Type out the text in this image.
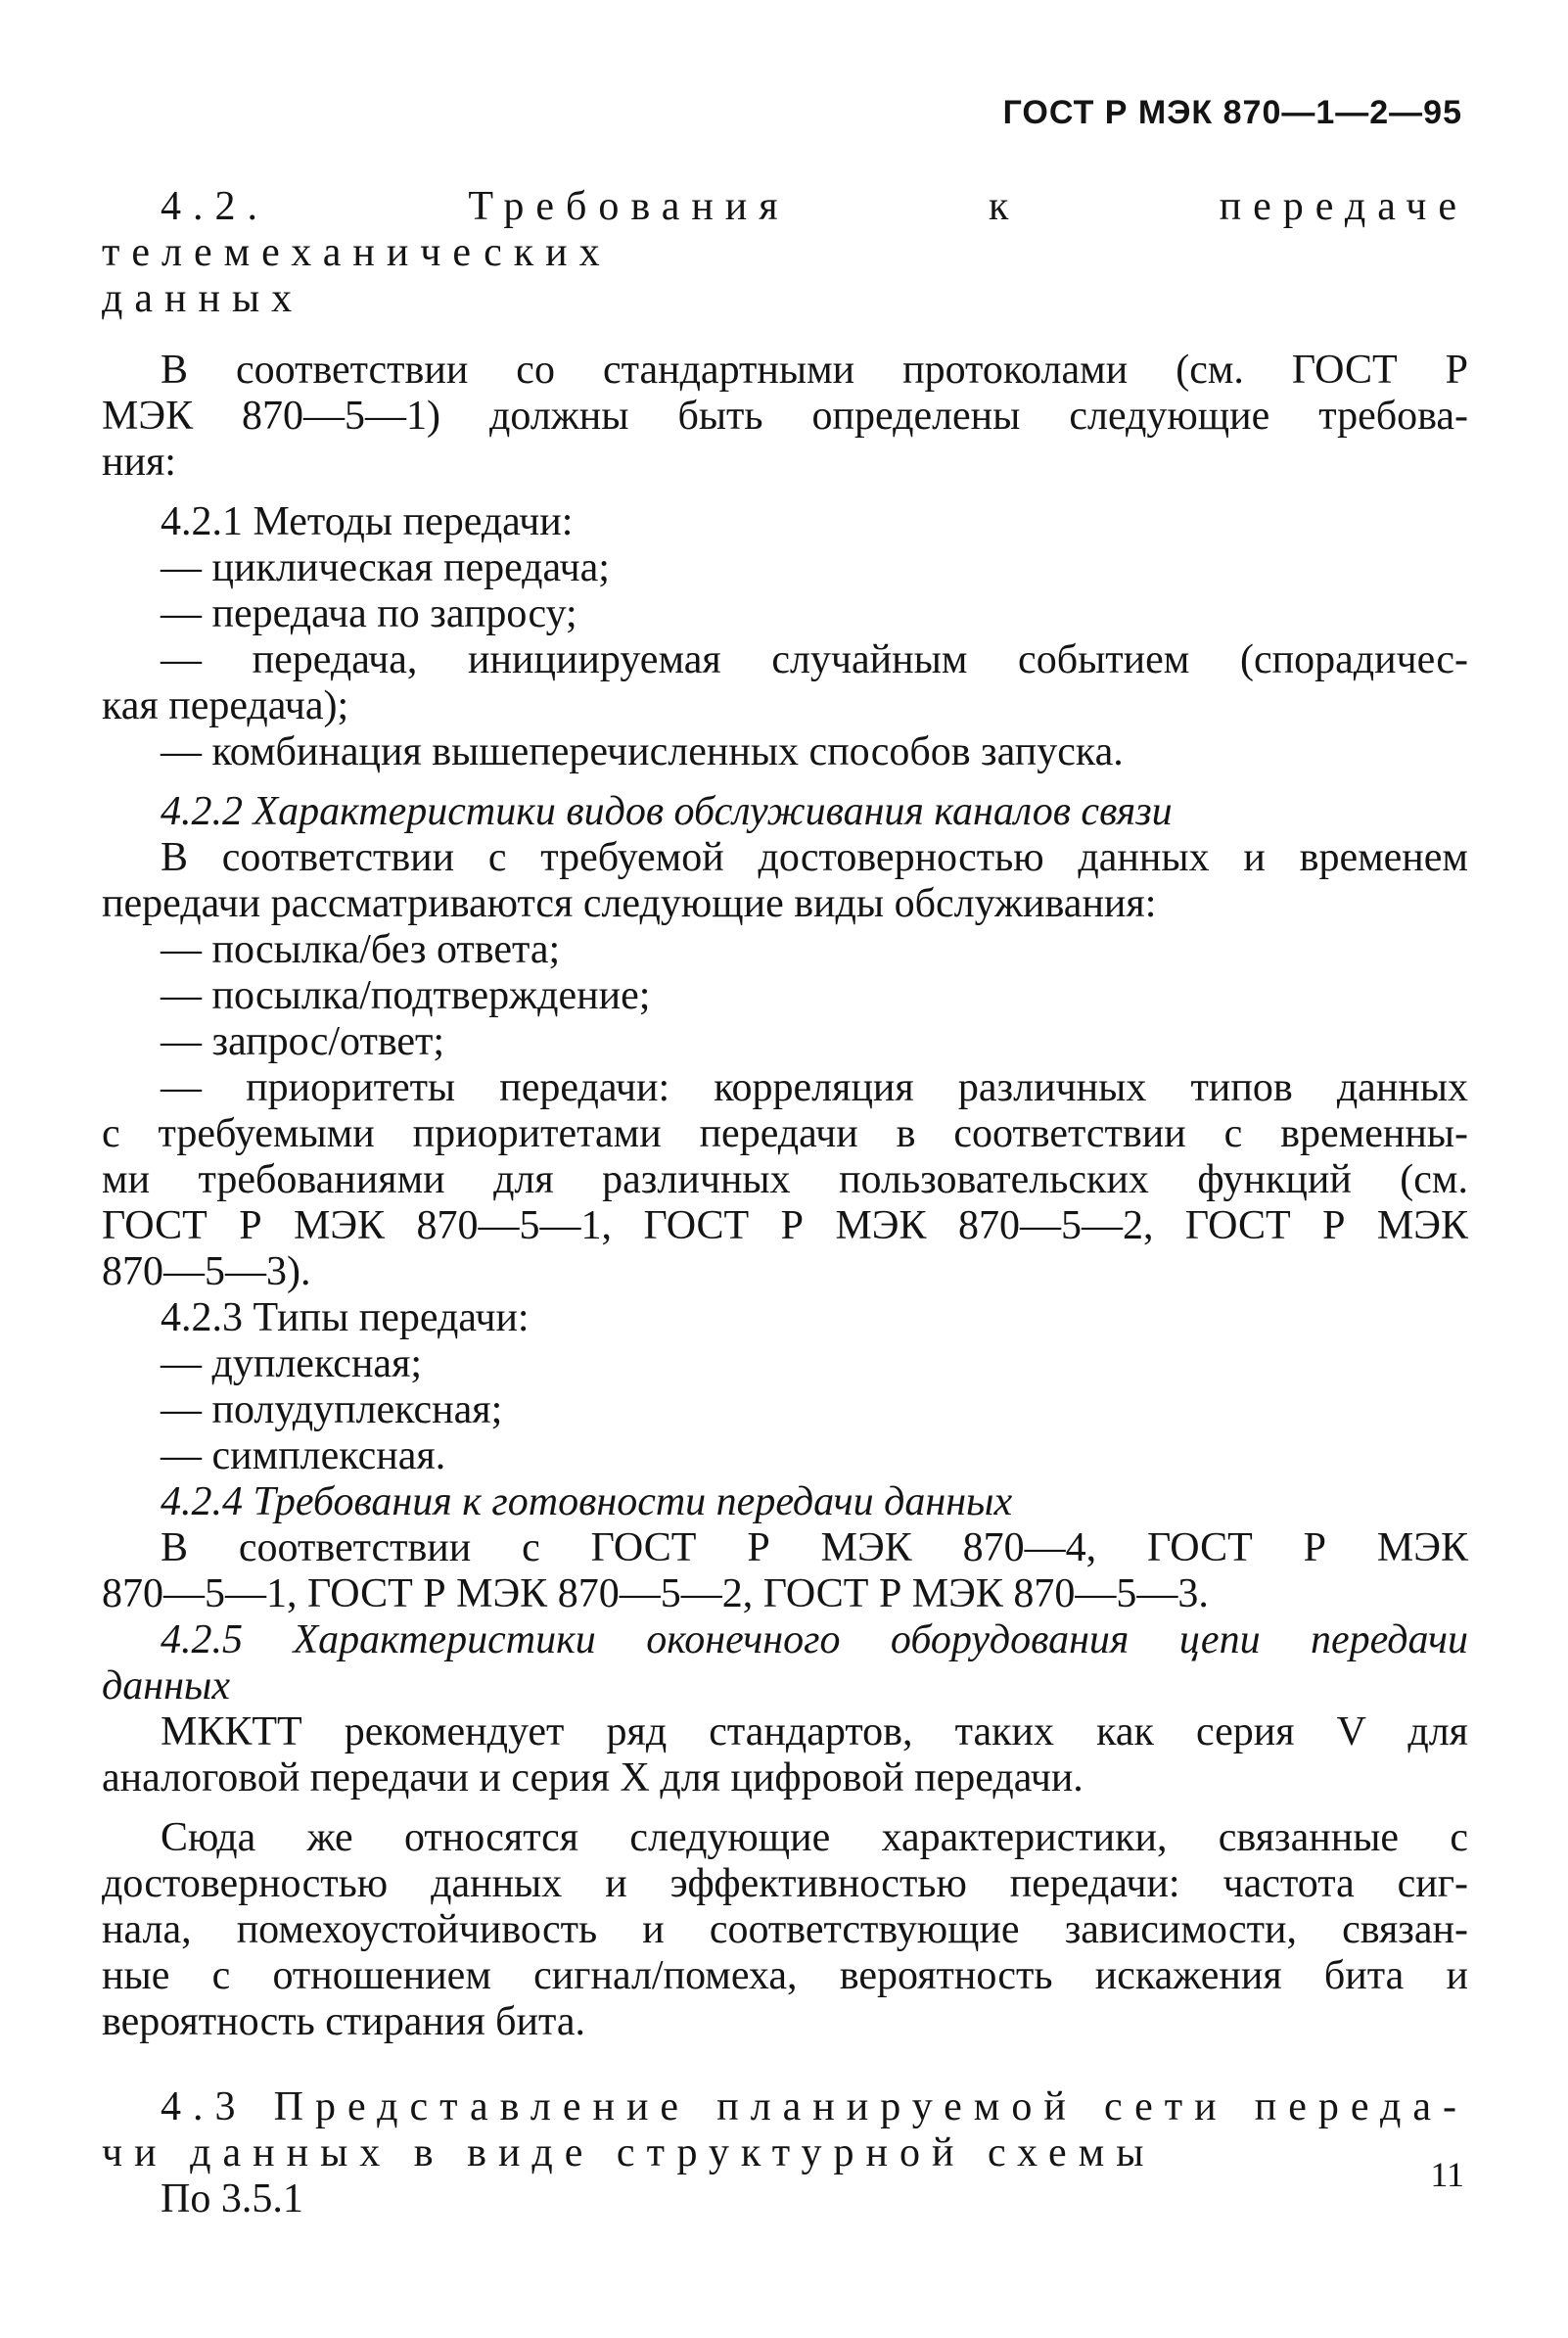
ГОСТ Р МЭК 870—1—2—95

4.2. Требования к передаче телемеханических

данных

В соответствии со стандартными протоколами (см. ГОСТ Р

МЭК 870—5—1) должны быть определены следующие требова-

ния:

4.2.1 Методы передачи:

— циклическая передача;

— передача по запросу;

— передача, инициируемая случайным событием (спорадичес-

кая передача);

— комбинация вышеперечисленных способов запуска.

4.2.2 Характеристики видов обслуживания каналов связи

В соответствии с требуемой достоверностью данных и временем

передачи рассматриваются следующие виды обслуживания:

— посылка/без ответа;

— посылка/подтверждение;

— запрос/ответ;

— приоритеты передачи: корреляция различных типов данных

с требуемыми приоритетами передачи в соответствии с временны-

ми требованиями для различных пользовательских функций (см.

ГОСТ Р МЭК 870—5—1, ГОСТ Р МЭК 870—5—2, ГОСТ Р МЭК

870—5—3).

4.2.3 Типы передачи:

— дуплексная;

— полудуплексная;

— симплексная.

4.2.4 Требования к готовности передачи данных

В соответствии с ГОСТ Р МЭК 870—4, ГОСТ Р МЭК

870—5—1, ГОСТ Р МЭК 870—5—2, ГОСТ Р МЭК 870—5—3.

4.2.5 Характеристики оконечного оборудования цепи передачи

данных

МККТТ рекомендует ряд стандартов, таких как серия V для

аналоговой передачи и серия X для цифровой передачи.

Сюда же относятся следующие характеристики, связанные с

достоверностью данных и эффективностью передачи: частота сиг-

нала, помехоустойчивость и соответствующие зависимости, связан-

ные с отношением сигнал/помеха, вероятность искажения бита и

вероятность стирания бита.

4.3 Представление планируемой сети переда-

чи данных в виде структурной схемы

По 3.5.1

11
